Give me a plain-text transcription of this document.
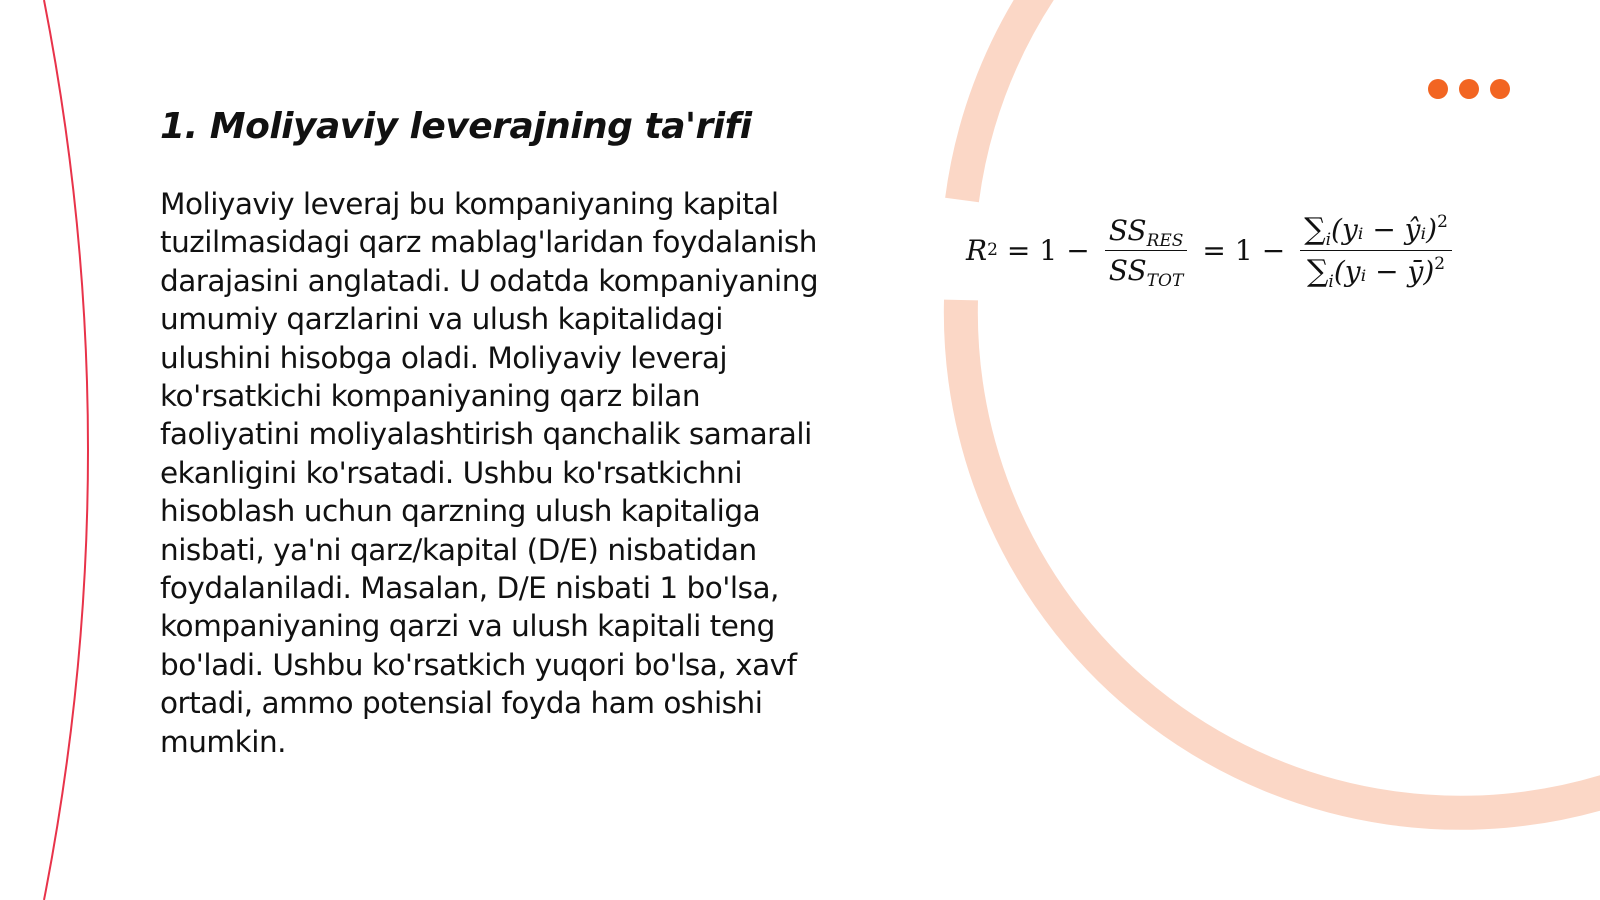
1. Moliyaviy leverajning ta'rifi

Moliyaviy leveraj bu kompaniyaning kapital tuzilmasidagi qarz mablag'laridan foydalanish darajasini anglatadi. U odatda kompaniyaning umumiy qarzlarini va ulush kapitalidagi ulushini hisobga oladi. Moliyaviy leveraj ko'rsatkichi kompaniyaning qarz bilan faoliyatini moliyalashtirish qanchalik samarali ekanligini ko'rsatadi. Ushbu ko'rsatkichni hisoblash uchun qarzning ulush kapitaliga nisbati, ya'ni qarz/kapital (D/E) nisbatidan foydalaniladi. Masalan, D/E nisbati 1 bo'lsa, kompaniyaning qarzi va ulush kapitali teng bo'ladi. Ushbu ko'rsatkich yuqori bo'lsa, xavf ortadi, ammo potensial foyda ham oshishi mumkin.

R $2 = 1 - \frac{SS_{RES}}{SS_{TOT}} = 1 - \frac{\sum_i(yᵢ - ŷᵢ)^2}{\sum_i(yᵢ - ȳ)^2}$
